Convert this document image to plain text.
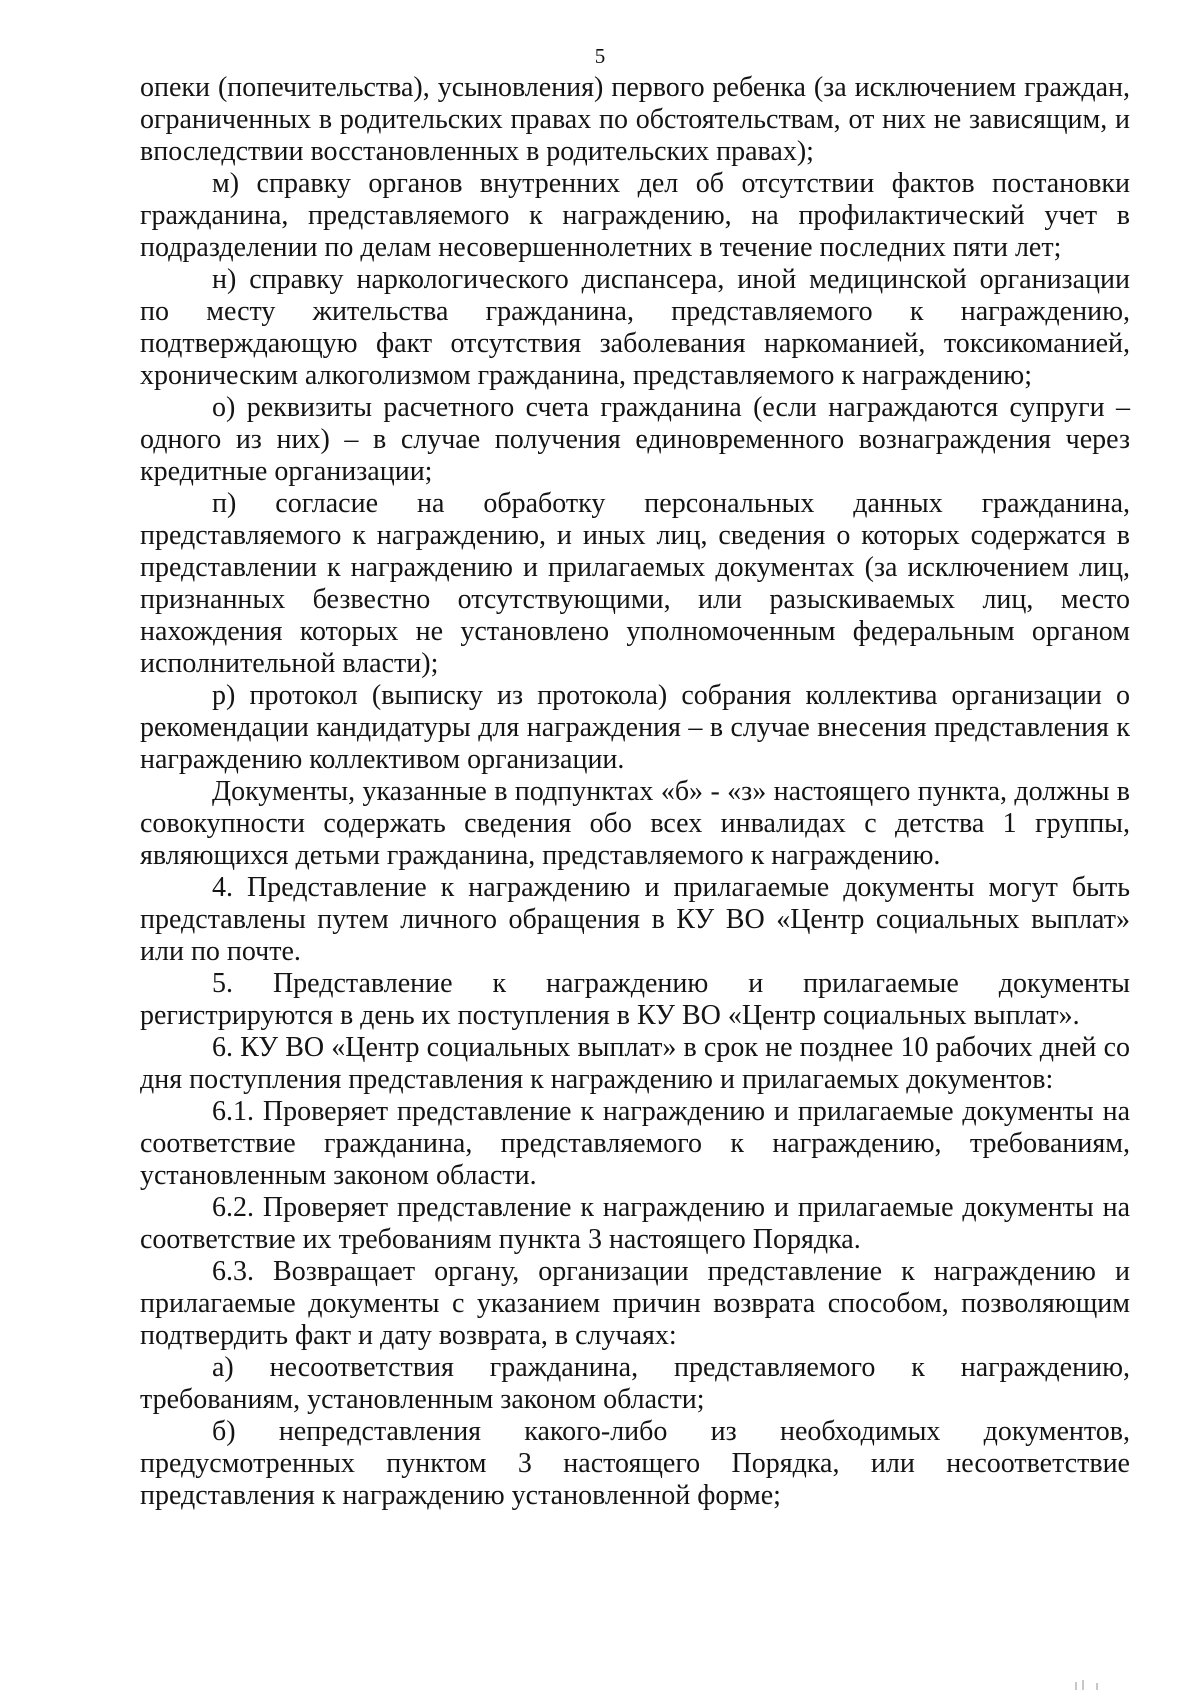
5

опеки (попечительства), усыновления) первого ребенка (за исключением граждан, ограниченных в родительских правах по обстоятельствам, от них не зависящим, и впоследствии восстановленных в родительских правах);

м) справку органов внутренних дел об отсутствии фактов постановки гражданина, представляемого к награждению, на профилактический учет в подразделении по делам несовершеннолетних в течение последних пяти лет;

н) справку наркологического диспансера, иной медицинской организации по месту жительства гражданина, представляемого к награждению, подтверждающую факт отсутствия заболевания наркоманией, токсикоманией, хроническим алкоголизмом гражданина, представляемого к награждению;

о) реквизиты расчетного счета гражданина (если награждаются супруги – одного из них) – в случае получения единовременного вознаграждения через кредитные организации;

п) согласие на обработку персональных данных гражданина, представляемого к награждению, и иных лиц, сведения о которых содержатся в представлении к награждению и прилагаемых документах (за исключением лиц, признанных безвестно отсутствующими, или разыскиваемых лиц, место нахождения которых не установлено уполномоченным федеральным органом исполнительной власти);

р) протокол (выписку из протокола) собрания коллектива организации о рекомендации кандидатуры для награждения – в случае внесения представления к награждению коллективом организации.

Документы, указанные в подпунктах «б» - «з» настоящего пункта, должны в совокупности содержать сведения обо всех инвалидах с детства 1 группы, являющихся детьми гражданина, представляемого к награждению.

4. Представление к награждению и прилагаемые документы могут быть представлены путем личного обращения в КУ ВО «Центр социальных выплат» или по почте.

5. Представление к награждению и прилагаемые документы регистрируются в день их поступления в КУ ВО «Центр социальных выплат».

6. КУ ВО «Центр социальных выплат» в срок не позднее 10 рабочих дней со дня поступления представления к награждению и прилагаемых документов:

6.1. Проверяет представление к награждению и прилагаемые документы на соответствие гражданина, представляемого к награждению, требованиям, установленным законом области.

6.2. Проверяет представление к награждению и прилагаемые документы на соответствие их требованиям пункта 3 настоящего Порядка.

6.3. Возвращает органу, организации представление к награждению и прилагаемые документы с указанием причин возврата способом, позволяющим подтвердить факт и дату возврата, в случаях:

а) несоответствия гражданина, представляемого к награждению, требованиям, установленным законом области;

б) непредставления какого-либо из необходимых документов, предусмотренных пунктом 3 настоящего Порядка, или несоответствие представления к награждению установленной форме;
